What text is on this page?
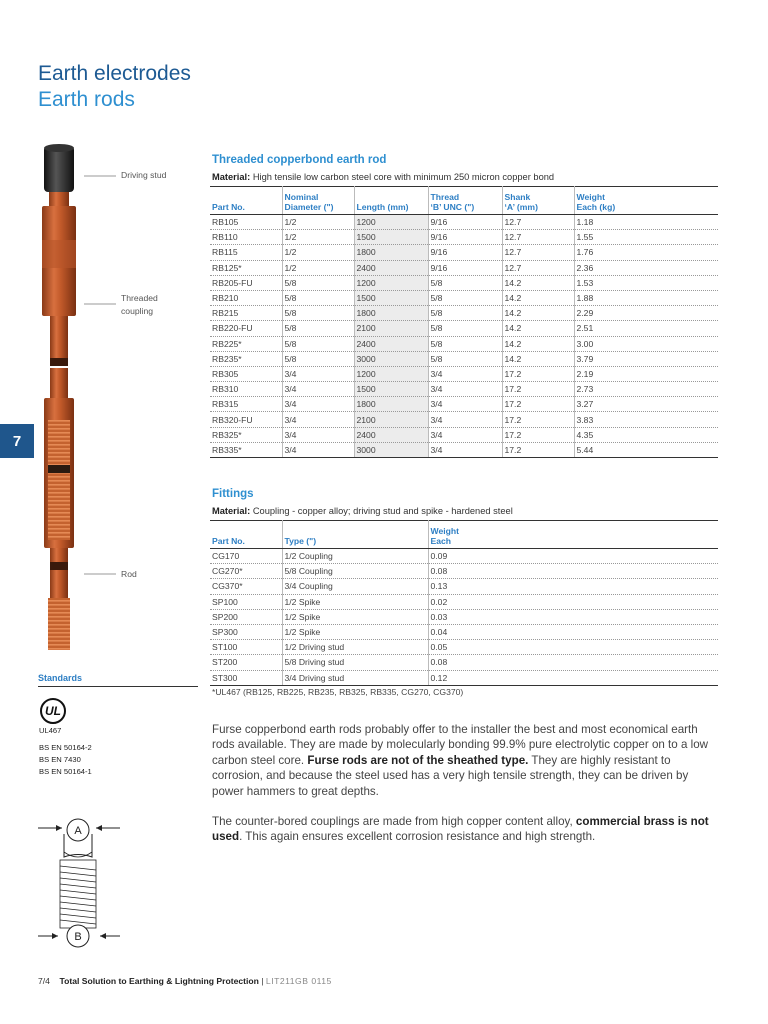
Earth electrodes
Earth rods
7
Driving stud
Threaded
coupling
Rod
Threaded copperbond earth rod
Material: High tensile low carbon steel core with minimum 250 micron copper bond
Part No.	Nominal
Diameter (")	Length (mm)	Thread
‘B’ UNC (")	Shank
‘A’ (mm)	Weight
Each (kg)
RB105	1/2	1200	9/16	12.7	1.18
RB110	1/2	1500	9/16	12.7	1.55
RB115	1/2	1800	9/16	12.7	1.76
RB125*	1/2	2400	9/16	12.7	2.36
RB205-FU	5/8	1200	5/8	14.2	1.53
RB210	5/8	1500	5/8	14.2	1.88
RB215	5/8	1800	5/8	14.2	2.29
RB220-FU	5/8	2100	5/8	14.2	2.51
RB225*	5/8	2400	5/8	14.2	3.00
RB235*	5/8	3000	5/8	14.2	3.79
RB305	3/4	1200	3/4	17.2	2.19
RB310	3/4	1500	3/4	17.2	2.73
RB315	3/4	1800	3/4	17.2	3.27
RB320-FU	3/4	2100	3/4	17.2	3.83
RB325*	3/4	2400	3/4	17.2	4.35
RB335*	3/4	3000	3/4	17.2	5.44
Fittings
Material: Coupling - copper alloy; driving stud and spike - hardened steel
Part No.	Type (")	Weight
Each
CG170	1/2 Coupling	0.09
CG270*	5/8 Coupling	0.08
CG370*	3/4 Coupling	0.13
SP100	1/2 Spike	0.02
SP200	1/2 Spike	0.03
SP300	1/2 Spike	0.04
ST100	1/2 Driving stud	0.05
ST200	5/8 Driving stud	0.08
ST300	3/4 Driving stud	0.12
*UL467 (RB125, RB225, RB235, RB325, RB335, CG270, CG370)
Standards
UL
UL467
BS EN 50164-2
BS EN 7430
BS EN 50164-1
A
B

Furse copperbond earth rods probably offer to the installer the best and most economical earth rods available. They are made by molecularly bonding 99.9% pure electrolytic copper on to a low carbon steel core. Furse rods are not of the sheathed type. They are highly resistant to corrosion, and because the steel used has a very high tensile strength, they can be driven by power hammers to great depths.

The counter-bored couplings are made from high copper content alloy, commercial brass is not used. This again ensures excellent corrosion resistance and high strength.

7/4 Total Solution to Earthing & Lightning Protection | LIT211GB 0115
